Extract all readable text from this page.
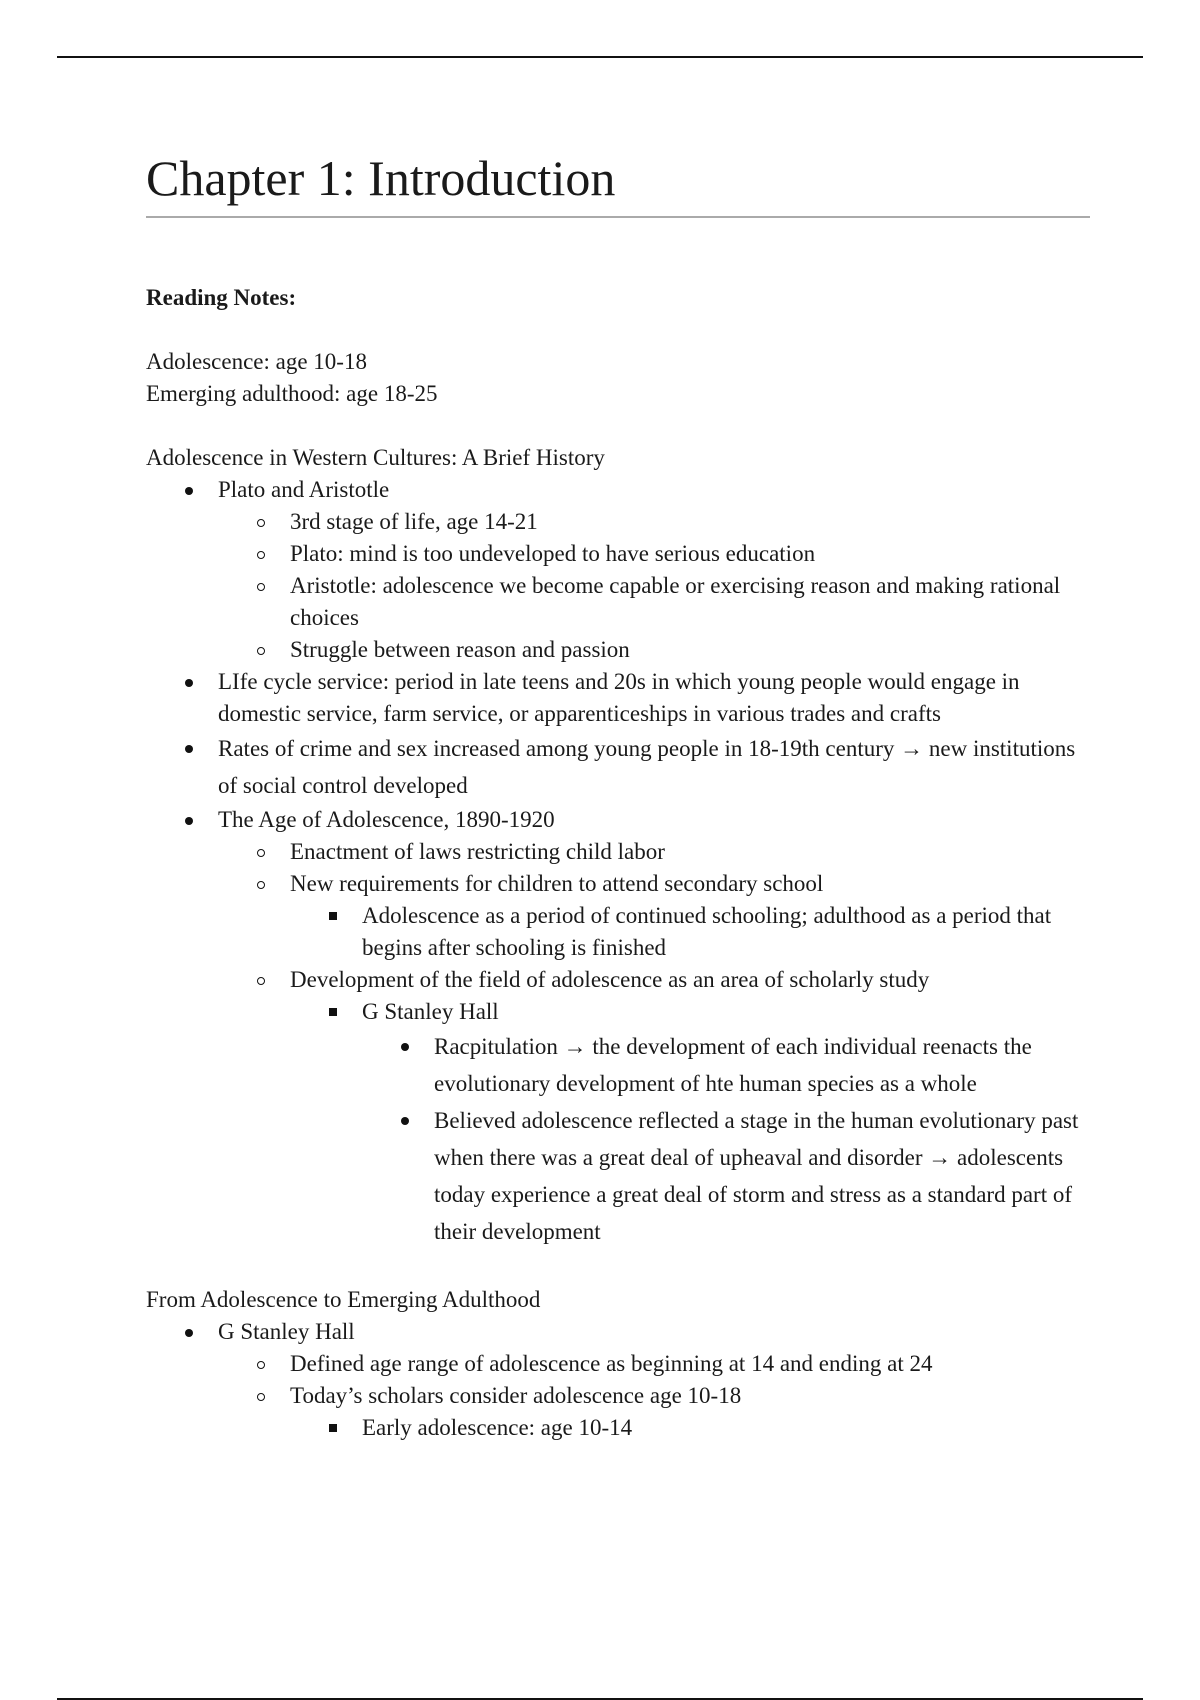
Chapter 1: Introduction
Reading Notes:
Adolescence: age 10-18
Emerging adulthood: age 18-25
Adolescence in Western Cultures: A Brief History
Plato and Aristotle
3rd stage of life, age 14-21
Plato: mind is too undeveloped to have serious education
Aristotle: adolescence we become capable or exercising reason and making rational choices
Struggle between reason and passion
LIfe cycle service: period in late teens and 20s in which young people would engage in domestic service, farm service, or apparenticeships in various trades and crafts
Rates of crime and sex increased among young people in 18-19th century → new institutions of social control developed
The Age of Adolescence, 1890-1920
Enactment of laws restricting child labor
New requirements for children to attend secondary school
Adolescence as a period of continued schooling; adulthood as a period that begins after schooling is finished
Development of the field of adolescence as an area of scholarly study
G Stanley Hall
Racpitulation → the development of each individual reenacts the evolutionary development of hte human species as a whole
Believed adolescence reflected a stage in the human evolutionary past when there was a great deal of upheaval and disorder → adolescents today experience a great deal of storm and stress as a standard part of their development
From Adolescence to Emerging Adulthood
G Stanley Hall
Defined age range of adolescence as beginning at 14 and ending at 24
Today’s scholars consider adolescence age 10-18
Early adolescence: age 10-14
